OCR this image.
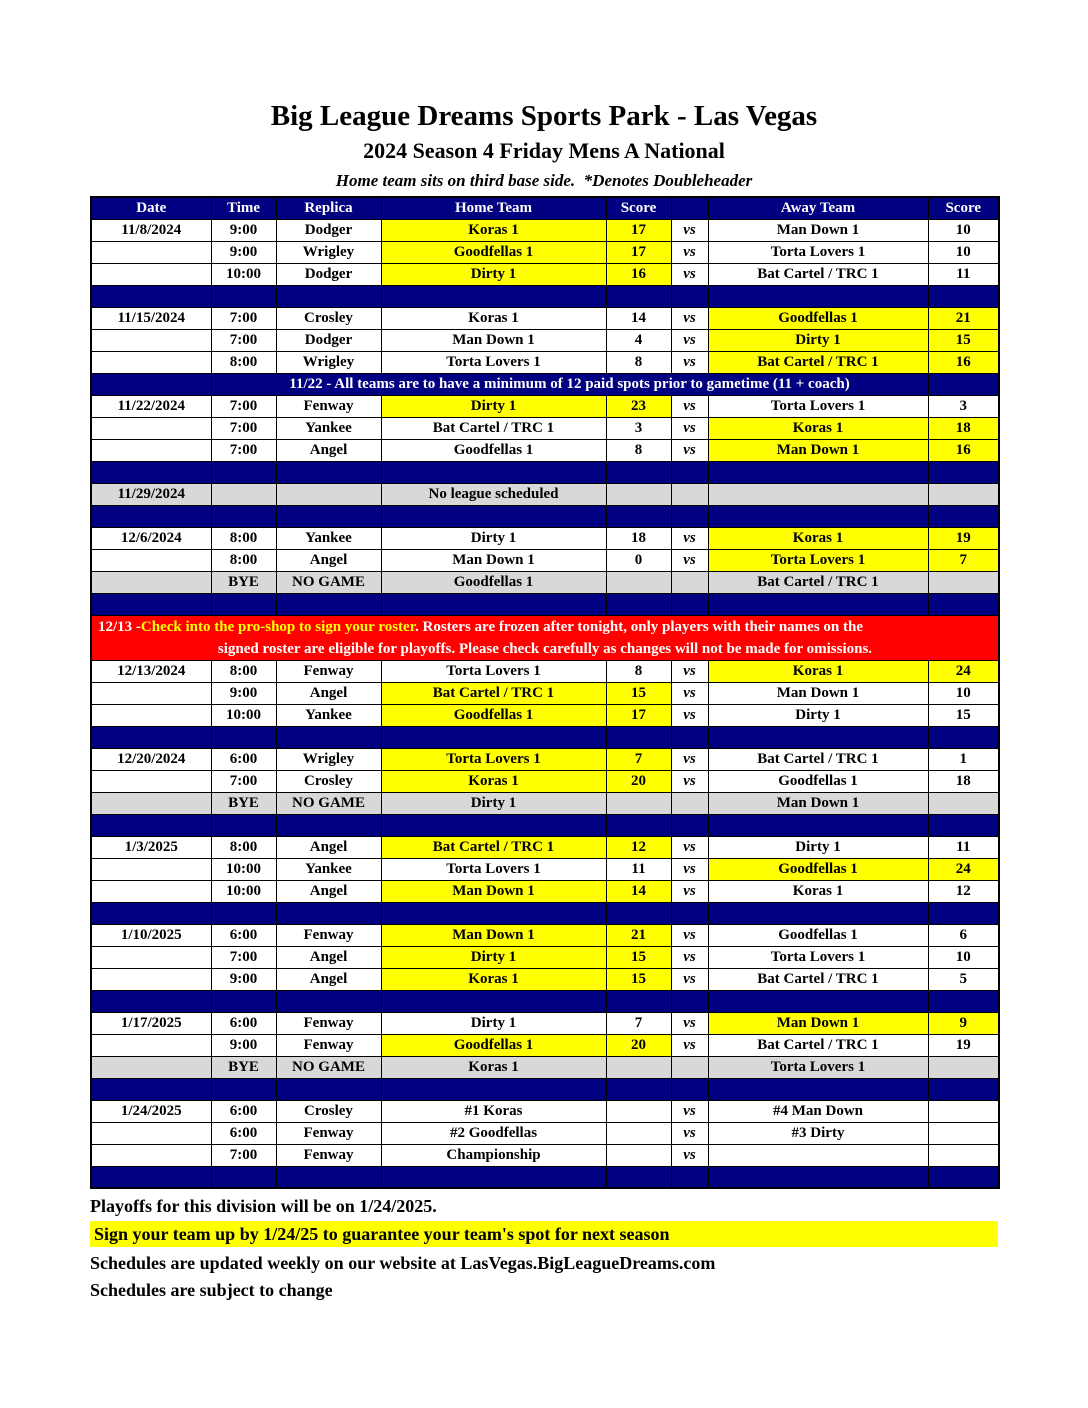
Big League Dreams Sports Park - Las Vegas
2024 Season 4 Friday Mens A National
Home team sits on third base side.  *Denotes Doubleheader
Date	Time	Replica	Home Team	Score		Away Team	Score
11/8/2024	9:00	Dodger	Koras 1	17	vs	Man Down 1	10
	9:00	Wrigley	Goodfellas 1	17	vs	Torta Lovers 1	10
	10:00	Dodger	Dirty 1	16	vs	Bat Cartel / TRC 1	11

11/15/2024	7:00	Crosley	Koras 1	14	vs	Goodfellas 1	21
	7:00	Dodger	Man Down 1	4	vs	Dirty 1	15
	8:00	Wrigley	Torta Lovers 1	8	vs	Bat Cartel / TRC 1	16
	11/22 - All teams are to have a minimum of 12 paid spots prior to gametime (11 + coach)						
11/22/2024	7:00	Fenway	Dirty 1	23	vs	Torta Lovers 1	3
	7:00	Yankee	Bat Cartel / TRC 1	3	vs	Koras 1	18
	7:00	Angel	Goodfellas 1	8	vs	Man Down 1	16

11/29/2024			No league scheduled				

12/6/2024	8:00	Yankee	Dirty 1	18	vs	Koras 1	19
	8:00	Angel	Man Down 1	0	vs	Torta Lovers 1	7
	BYE	NO GAME	Goodfellas 1			Bat Cartel / TRC 1	

12/13 -Check into the pro-shop to sign your roster. Rosters are frozen after tonight, only players with their names on the
signed roster are eligible for playoffs. Please check carefully as changes will not be made for omissions.							

12/13/2024	8:00	Fenway	Torta Lovers 1	8	vs	Koras 1	24
	9:00	Angel	Bat Cartel / TRC 1	15	vs	Man Down 1	10
	10:00	Yankee	Goodfellas 1	17	vs	Dirty 1	15

12/20/2024	6:00	Wrigley	Torta Lovers 1	7	vs	Bat Cartel / TRC 1	1
	7:00	Crosley	Koras 1	20	vs	Goodfellas 1	18
	BYE	NO GAME	Dirty 1			Man Down 1	

1/3/2025	8:00	Angel	Bat Cartel / TRC 1	12	vs	Dirty 1	11
	10:00	Yankee	Torta Lovers 1	11	vs	Goodfellas 1	24
	10:00	Angel	Man Down 1	14	vs	Koras 1	12

1/10/2025	6:00	Fenway	Man Down 1	21	vs	Goodfellas 1	6
	7:00	Angel	Dirty 1	15	vs	Torta Lovers 1	10
	9:00	Angel	Koras 1	15	vs	Bat Cartel / TRC 1	5

1/17/2025	6:00	Fenway	Dirty 1	7	vs	Man Down 1	9
	9:00	Fenway	Goodfellas 1	20	vs	Bat Cartel / TRC 1	19
	BYE	NO GAME	Koras 1			Torta Lovers 1	

1/24/2025	6:00	Crosley	#1 Koras		vs	#4 Man Down	
	6:00	Fenway	#2 Goodfellas		vs	#3 Dirty	
	7:00	Fenway	Championship		vs		

Playoffs for this division will be on 1/24/2025.
Sign your team up by 1/24/25 to guarantee your team's spot for next season
Schedules are updated weekly on our website at LasVegas.BigLeagueDreams.com
Schedules are subject to change
